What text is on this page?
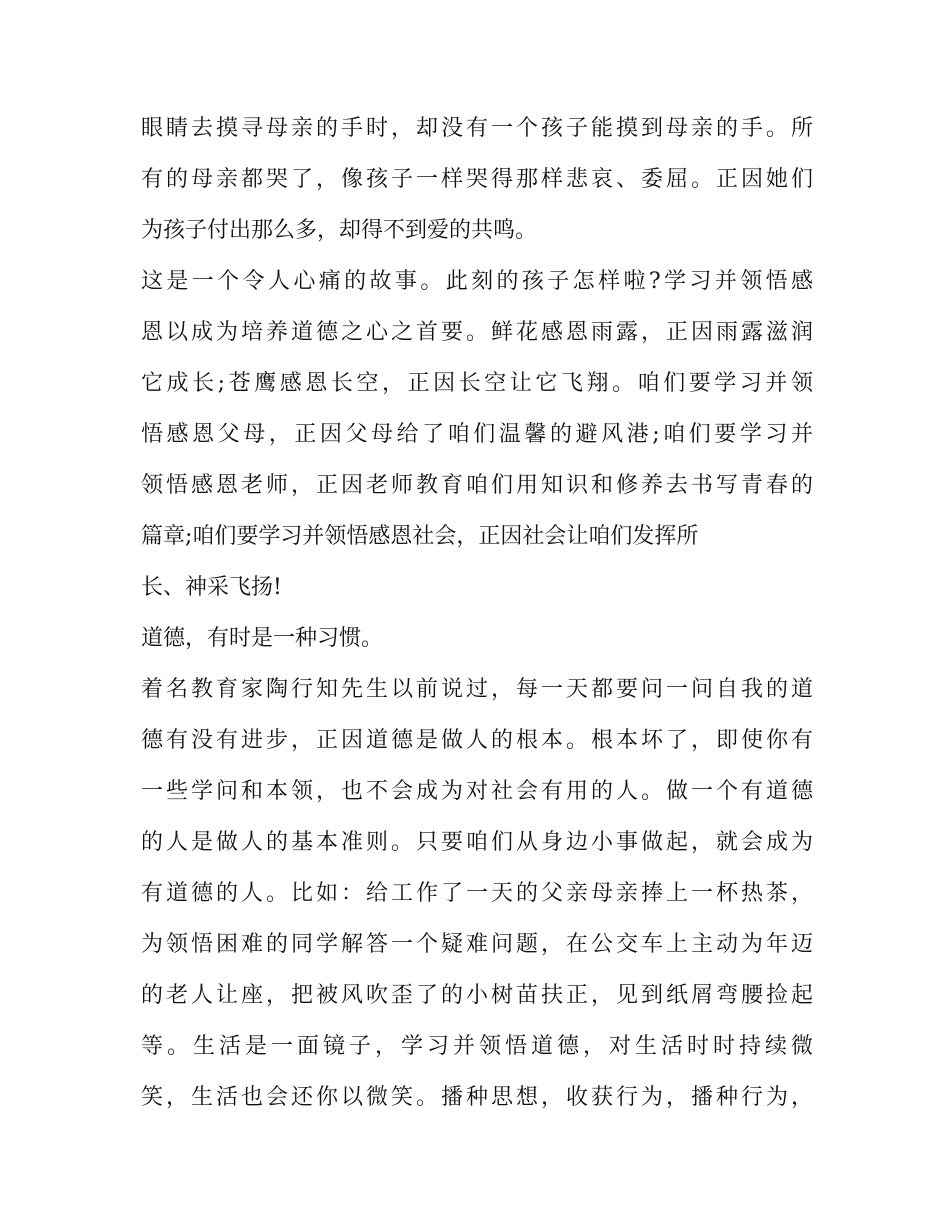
眼睛去摸寻母亲的手时，却没有一个孩子能摸到母亲的手。所
有的母亲都哭了，像孩子一样哭得那样悲哀、委屈。正因她们
为孩子付出那么多，却得不到爱的共鸣。
这是一个令人心痛的故事。此刻的孩子怎样啦?学习并领悟感
恩以成为培养道德之心之首要。鲜花感恩雨露，正因雨露滋润
它成长;苍鹰感恩长空，正因长空让它飞翔。咱们要学习并领
悟感恩父母，正因父母给了咱们温馨的避风港;咱们要学习并
领悟感恩老师，正因老师教育咱们用知识和修养去书写青春的
篇章;咱们要学习并领悟感恩社会，正因社会让咱们发挥所
长、神采飞扬!
道德，有时是一种习惯。
着名教育家陶行知先生以前说过，每一天都要问一问自我的道
德有没有进步，正因道德是做人的根本。根本坏了，即使你有
一些学问和本领，也不会成为对社会有用的人。做一个有道德
的人是做人的基本准则。只要咱们从身边小事做起，就会成为
有道德的人。比如：给工作了一天的父亲母亲捧上一杯热茶，
为领悟困难的同学解答一个疑难问题，在公交车上主动为年迈
的老人让座，把被风吹歪了的小树苗扶正，见到纸屑弯腰捡起
等。生活是一面镜子，学习并领悟道德，对生活时时持续微
笑，生活也会还你以微笑。播种思想，收获行为，播种行为，
